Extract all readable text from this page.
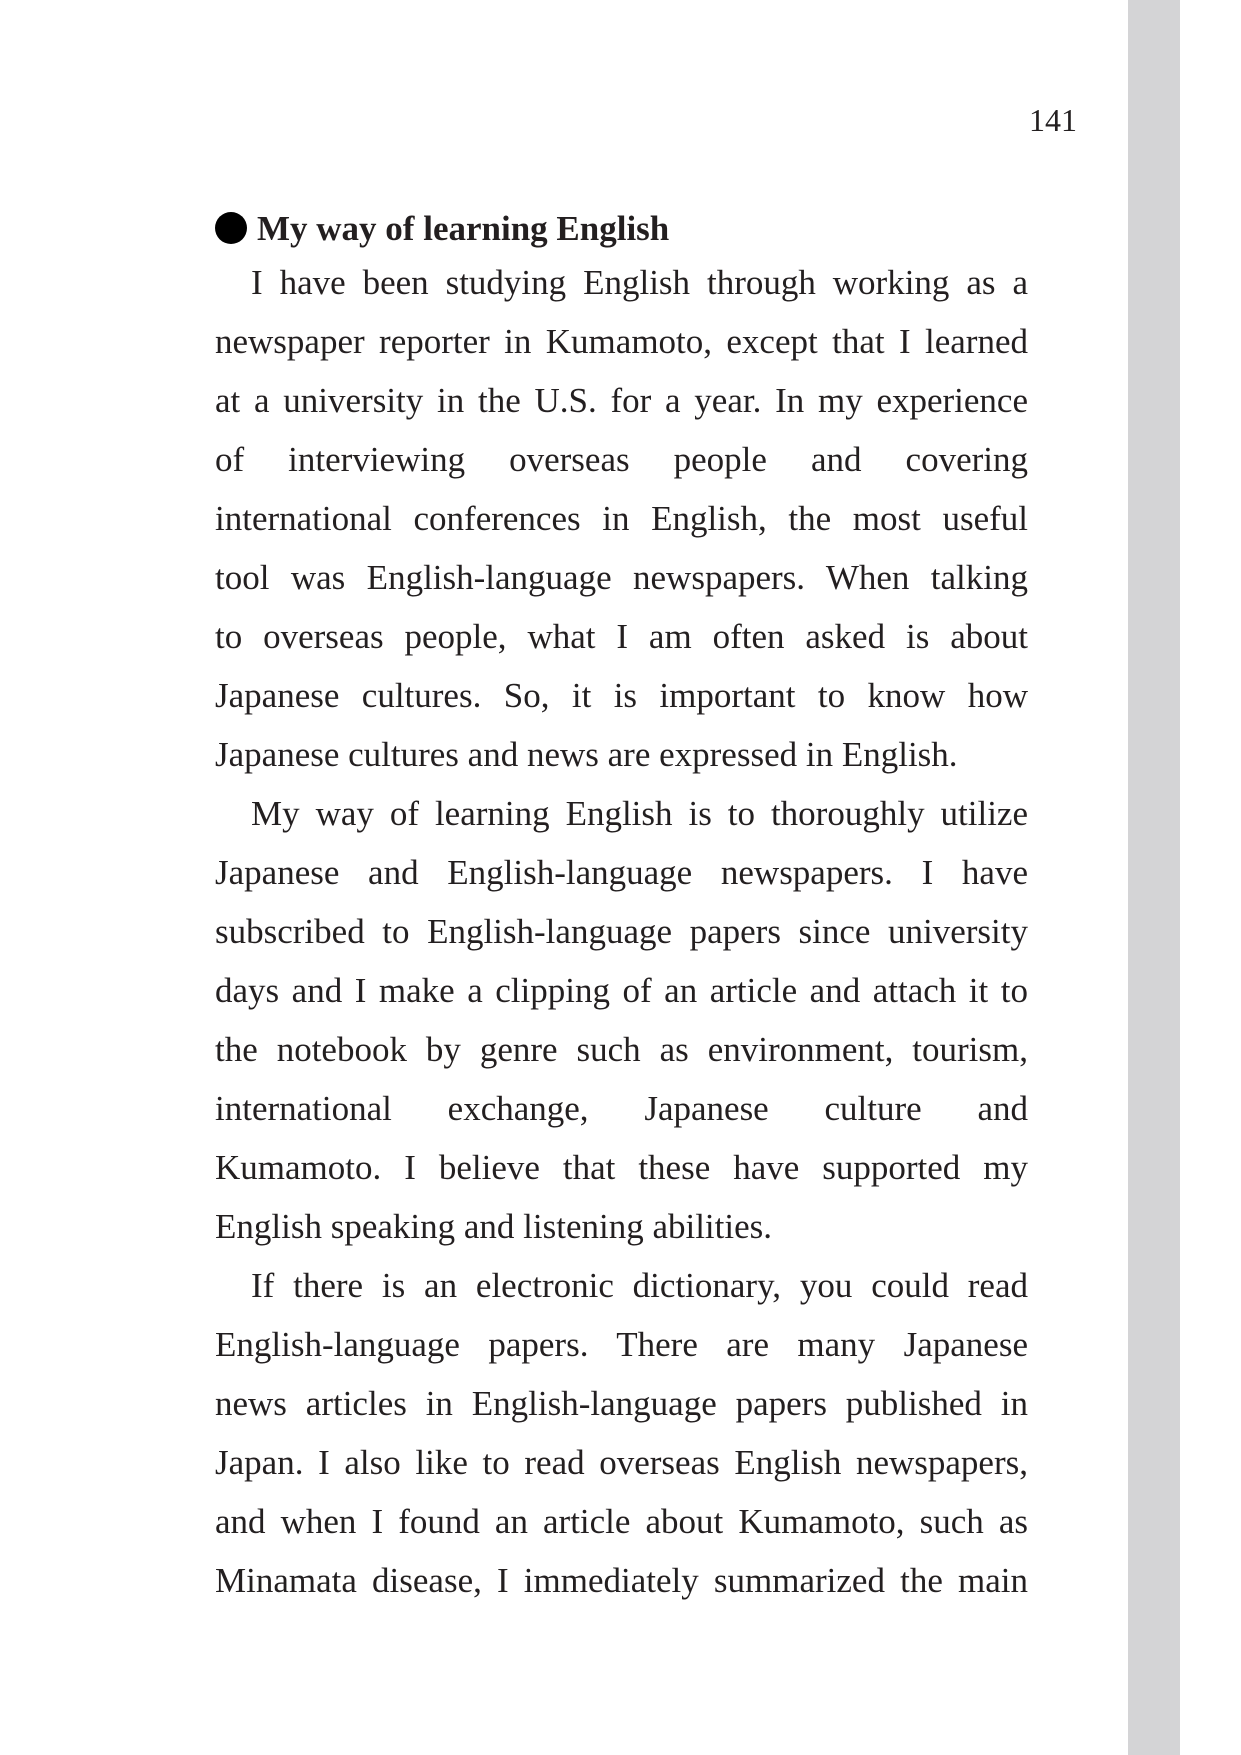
141

My way of learning English

I have been studying English through working as a
newspaper reporter in Kumamoto, except that I learned
at a university in the U.S. for a year. In my experience
of interviewing overseas people and covering
international conferences in English, the most useful
tool was English-language newspapers. When talking
to overseas people, what I am often asked is about
Japanese cultures. So, it is important to know how
Japanese cultures and news are expressed in English.

My way of learning English is to thoroughly utilize
Japanese and English-language newspapers. I have
subscribed to English-language papers since university
days and I make a clipping of an article and attach it to
the notebook by genre such as environment, tourism,
international exchange, Japanese culture and
Kumamoto. I believe that these have supported my
English speaking and listening abilities.

If there is an electronic dictionary, you could read
English-language papers. There are many Japanese
news articles in English-language papers published in
Japan. I also like to read overseas English newspapers,
and when I found an article about Kumamoto, such as
Minamata disease, I immediately summarized the main
